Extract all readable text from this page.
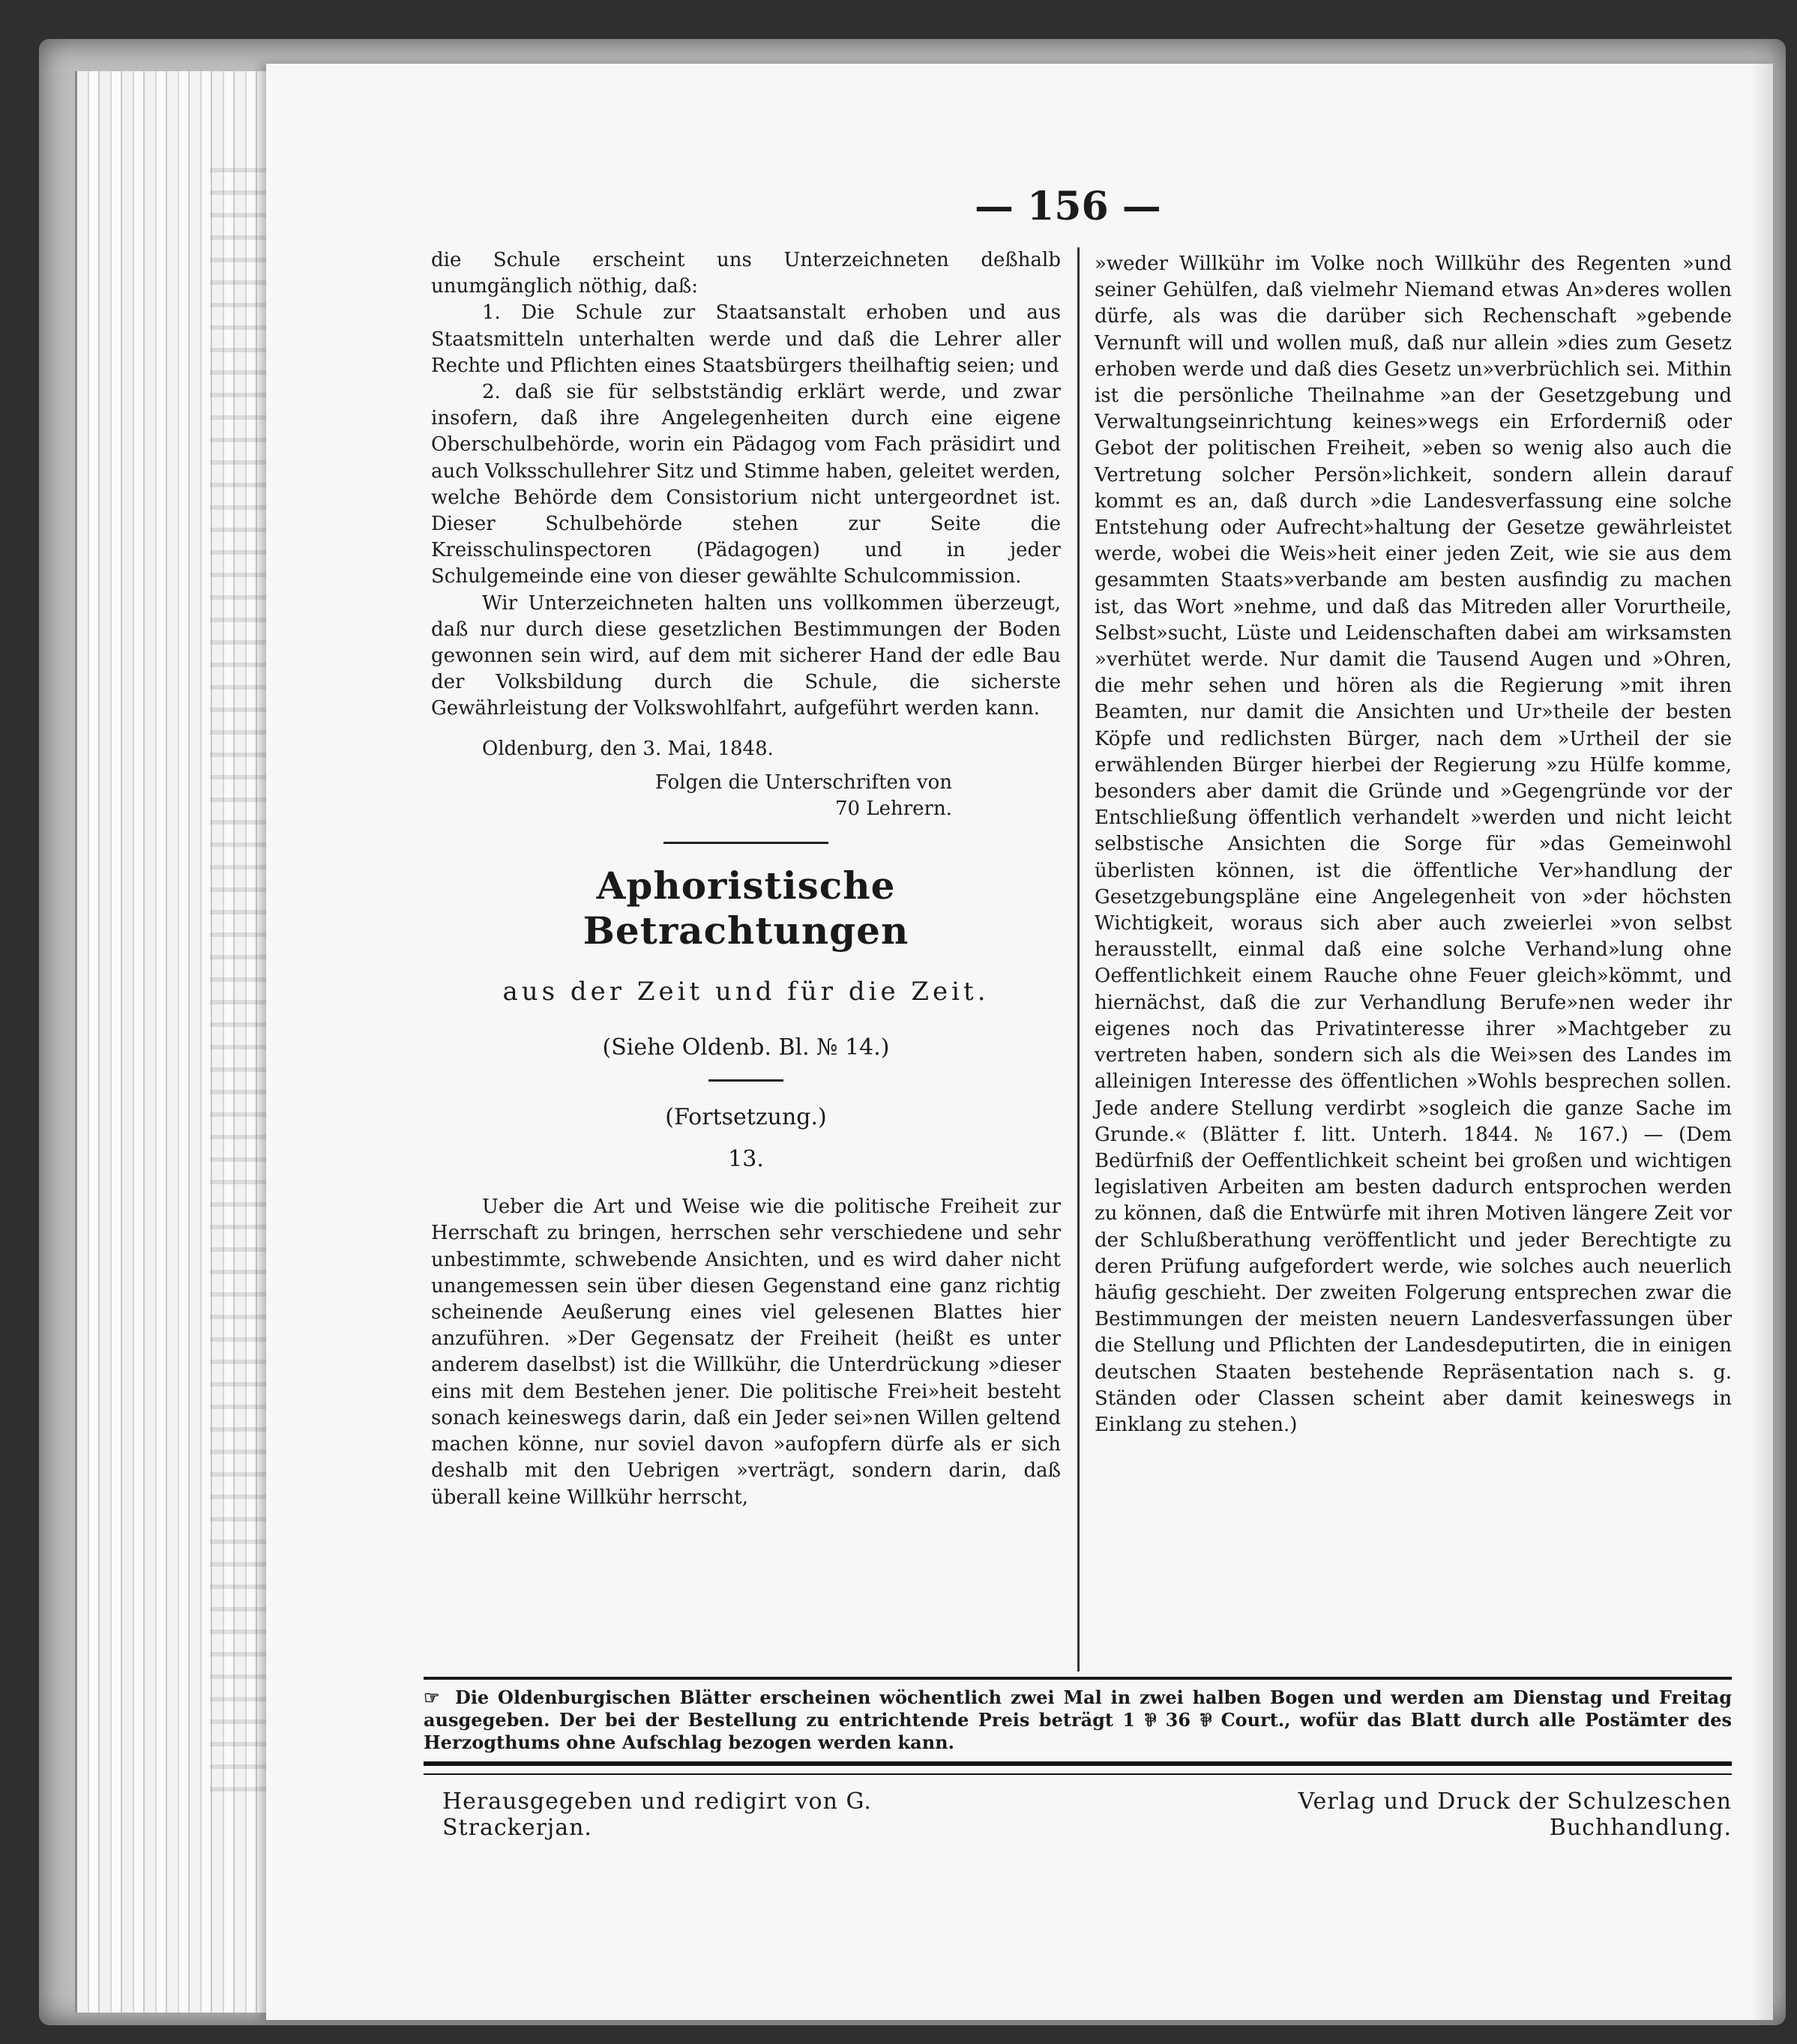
— 156 —

die Schule erscheint uns Unterzeichneten deßhalb unumgänglich nöthig, daß:

1. Die Schule zur Staatsanstalt erhoben und aus Staatsmitteln unterhalten werde und daß die Lehrer aller Rechte und Pflichten eines Staatsbürgers theilhaftig seien; und

2. daß sie für selbstständig erklärt werde, und zwar insofern, daß ihre Angelegenheiten durch eine eigene Oberschulbehörde, worin ein Pädagog vom Fach präsidirt und auch Volksschullehrer Sitz und Stimme haben, geleitet werden, welche Behörde dem Consistorium nicht untergeordnet ist. Dieser Schulbehörde stehen zur Seite die Kreisschulinspectoren (Pädagogen) und in jeder Schulgemeinde eine von dieser gewählte Schulcommission.

Wir Unterzeichneten halten uns vollkommen überzeugt, daß nur durch diese gesetzlichen Bestimmungen der Boden gewonnen sein wird, auf dem mit sicherer Hand der edle Bau der Volksbildung durch die Schule, die sicherste Gewährleistung der Volkswohlfahrt, aufgeführt werden kann.

Oldenburg, den 3. Mai, 1848.

Folgen die Unterschriften von

70 Lehrern.

Aphoristische Betrachtungen
aus der Zeit und für die Zeit.
(Siehe Oldenb. Bl. № 14.)
(Fortsetzung.)
13.

Ueber die Art und Weise wie die politische Freiheit zur Herrschaft zu bringen, herrschen sehr verschiedene und sehr unbestimmte, schwebende Ansichten, und es wird daher nicht unangemessen sein über diesen Gegenstand eine ganz richtig scheinende Aeußerung eines viel gelesenen Blattes hier anzuführen. »Der Gegensatz der Freiheit (heißt es unter anderem daselbst) ist die Willkühr, die Unterdrückung »dieser eins mit dem Bestehen jener. Die politische Frei»heit besteht sonach keineswegs darin, daß ein Jeder sei»nen Willen geltend machen könne, nur soviel davon »aufopfern dürfe als er sich deshalb mit den Uebrigen »verträgt, sondern darin, daß überall keine Willkühr herrscht,

»weder Willkühr im Volke noch Willkühr des Regenten »und seiner Gehülfen, daß vielmehr Niemand etwas An»deres wollen dürfe, als was die darüber sich Rechenschaft »gebende Vernunft will und wollen muß, daß nur allein »dies zum Gesetz erhoben werde und daß dies Gesetz un»verbrüchlich sei. Mithin ist die persönliche Theilnahme »an der Gesetzgebung und Verwaltungseinrichtung keines»wegs ein Erforderniß oder Gebot der politischen Freiheit, »eben so wenig also auch die Vertretung solcher Persön»lichkeit, sondern allein darauf kommt es an, daß durch »die Landesverfassung eine solche Entstehung oder Aufrecht»haltung der Gesetze gewährleistet werde, wobei die Weis»heit einer jeden Zeit, wie sie aus dem gesammten Staats»verbande am besten ausfindig zu machen ist, das Wort »nehme, und daß das Mitreden aller Vorurtheile, Selbst»sucht, Lüste und Leidenschaften dabei am wirksamsten »verhütet werde. Nur damit die Tausend Augen und »Ohren, die mehr sehen und hören als die Regierung »mit ihren Beamten, nur damit die Ansichten und Ur»theile der besten Köpfe und redlichsten Bürger, nach dem »Urtheil der sie erwählenden Bürger hierbei der Regierung »zu Hülfe komme, besonders aber damit die Gründe und »Gegengründe vor der Entschließung öffentlich verhandelt »werden und nicht leicht selbstische Ansichten die Sorge für »das Gemeinwohl überlisten können, ist die öffentliche Ver»handlung der Gesetzgebungspläne eine Angelegenheit von »der höchsten Wichtigkeit, woraus sich aber auch zweierlei »von selbst herausstellt, einmal daß eine solche Verhand»lung ohne Oeffentlichkeit einem Rauche ohne Feuer gleich»kömmt, und hiernächst, daß die zur Verhandlung Berufe»nen weder ihr eigenes noch das Privatinteresse ihrer »Machtgeber zu vertreten haben, sondern sich als die Wei»sen des Landes im alleinigen Interesse des öffentlichen »Wohls besprechen sollen. Jede andere Stellung verdirbt »sogleich die ganze Sache im Grunde.« (Blätter f. litt. Unterh. 1844. № 167.) — (Dem Bedürfniß der Oeffentlichkeit scheint bei großen und wichtigen legislativen Arbeiten am besten dadurch entsprochen werden zu können, daß die Entwürfe mit ihren Motiven längere Zeit vor der Schlußberathung veröffentlicht und jeder Berechtigte zu deren Prüfung aufgefordert werde, wie solches auch neuerlich häufig geschieht. Der zweiten Folgerung entsprechen zwar die Bestimmungen der meisten neuern Landesverfassungen über die Stellung und Pflichten der Landesdeputirten, die in einigen deutschen Staaten bestehende Repräsentation nach s. g. Ständen oder Classen scheint aber damit keineswegs in Einklang zu stehen.)

☞ Die Oldenburgischen Blätter erscheinen wöchentlich zwei Mal in zwei halben Bogen und werden am Dienstag und Freitag ausgegeben. Der bei der Bestellung zu entrichtende Preis beträgt 1 ⅌ 36 ⅌ Court., wofür das Blatt durch alle Postämter des Herzogthums ohne Aufschlag bezogen werden kann.
Herausgegeben und redigirt von G. Strackerjan.
Verlag und Druck der Schulzeschen Buchhandlung.
